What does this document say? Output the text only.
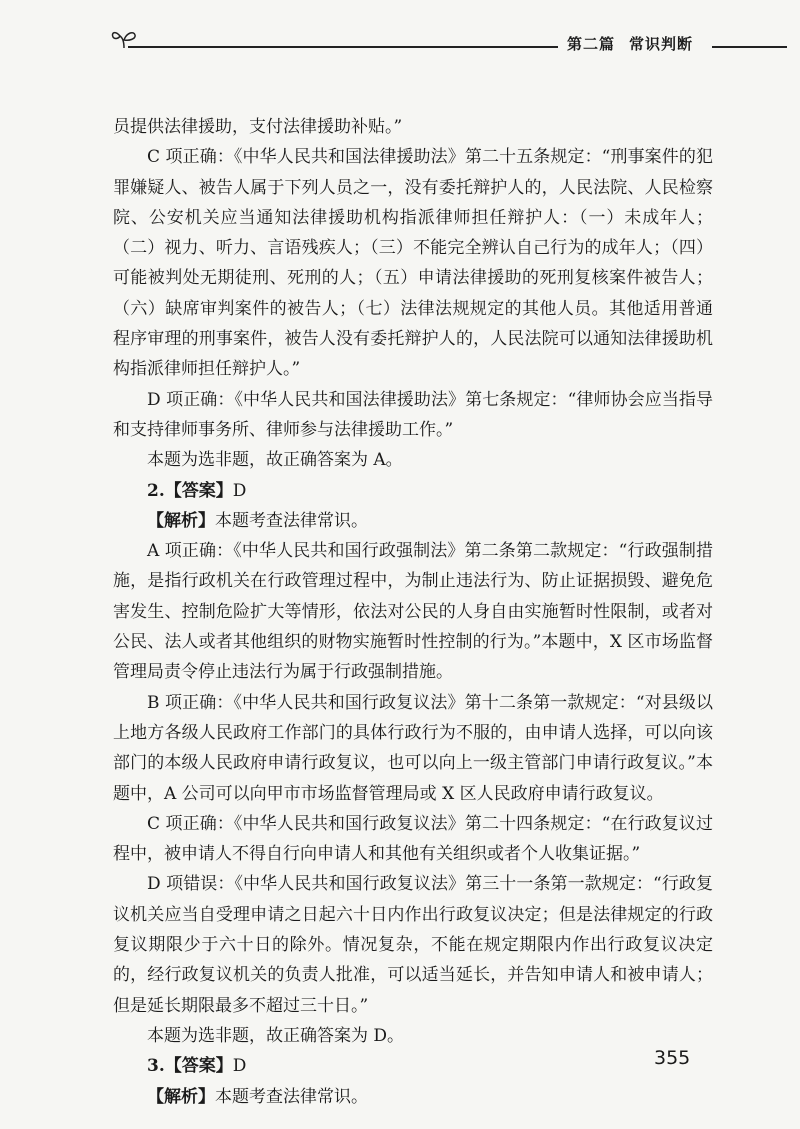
第二篇 常识判断

员提供法律援助，支付法律援助补贴。”

C 项正确：《中华人民共和国法律援助法》第二十五条规定：“刑事案件的犯罪嫌疑人、被告人属于下列人员之一，没有委托辩护人的，人民法院、人民检察院、公安机关应当通知法律援助机构指派律师担任辩护人：（一）未成年人；（二）视力、听力、言语残疾人；（三）不能完全辨认自己行为的成年人；（四）可能被判处无期徒刑、死刑的人；（五）申请法律援助的死刑复核案件被告人；（六）缺席审判案件的被告人；（七）法律法规规定的其他人员。其他适用普通程序审理的刑事案件，被告人没有委托辩护人的，人民法院可以通知法律援助机构指派律师担任辩护人。”

D 项正确：《中华人民共和国法律援助法》第七条规定：“律师协会应当指导和支持律师事务所、律师参与法律援助工作。”

本题为选非题，故正确答案为 A。

2.【答案】D

【解析】本题考查法律常识。

A 项正确：《中华人民共和国行政强制法》第二条第二款规定：“行政强制措施，是指行政机关在行政管理过程中，为制止违法行为、防止证据损毁、避免危害发生、控制危险扩大等情形，依法对公民的人身自由实施暂时性限制，或者对公民、法人或者其他组织的财物实施暂时性控制的行为。”本题中，X 区市场监督管理局责令停止违法行为属于行政强制措施。

B 项正确：《中华人民共和国行政复议法》第十二条第一款规定：“对县级以上地方各级人民政府工作部门的具体行政行为不服的，由申请人选择，可以向该部门的本级人民政府申请行政复议，也可以向上一级主管部门申请行政复议。”本题中，A 公司可以向甲市市场监督管理局或 X 区人民政府申请行政复议。

C 项正确：《中华人民共和国行政复议法》第二十四条规定：“在行政复议过程中，被申请人不得自行向申请人和其他有关组织或者个人收集证据。”

D 项错误：《中华人民共和国行政复议法》第三十一条第一款规定：“行政复议机关应当自受理申请之日起六十日内作出行政复议决定；但是法律规定的行政复议期限少于六十日的除外。情况复杂，不能在规定期限内作出行政复议决定的，经行政复议机关的负责人批准，可以适当延长，并告知申请人和被申请人；但是延长期限最多不超过三十日。”

本题为选非题，故正确答案为 D。

3.【答案】D

【解析】本题考查法律常识。

355
